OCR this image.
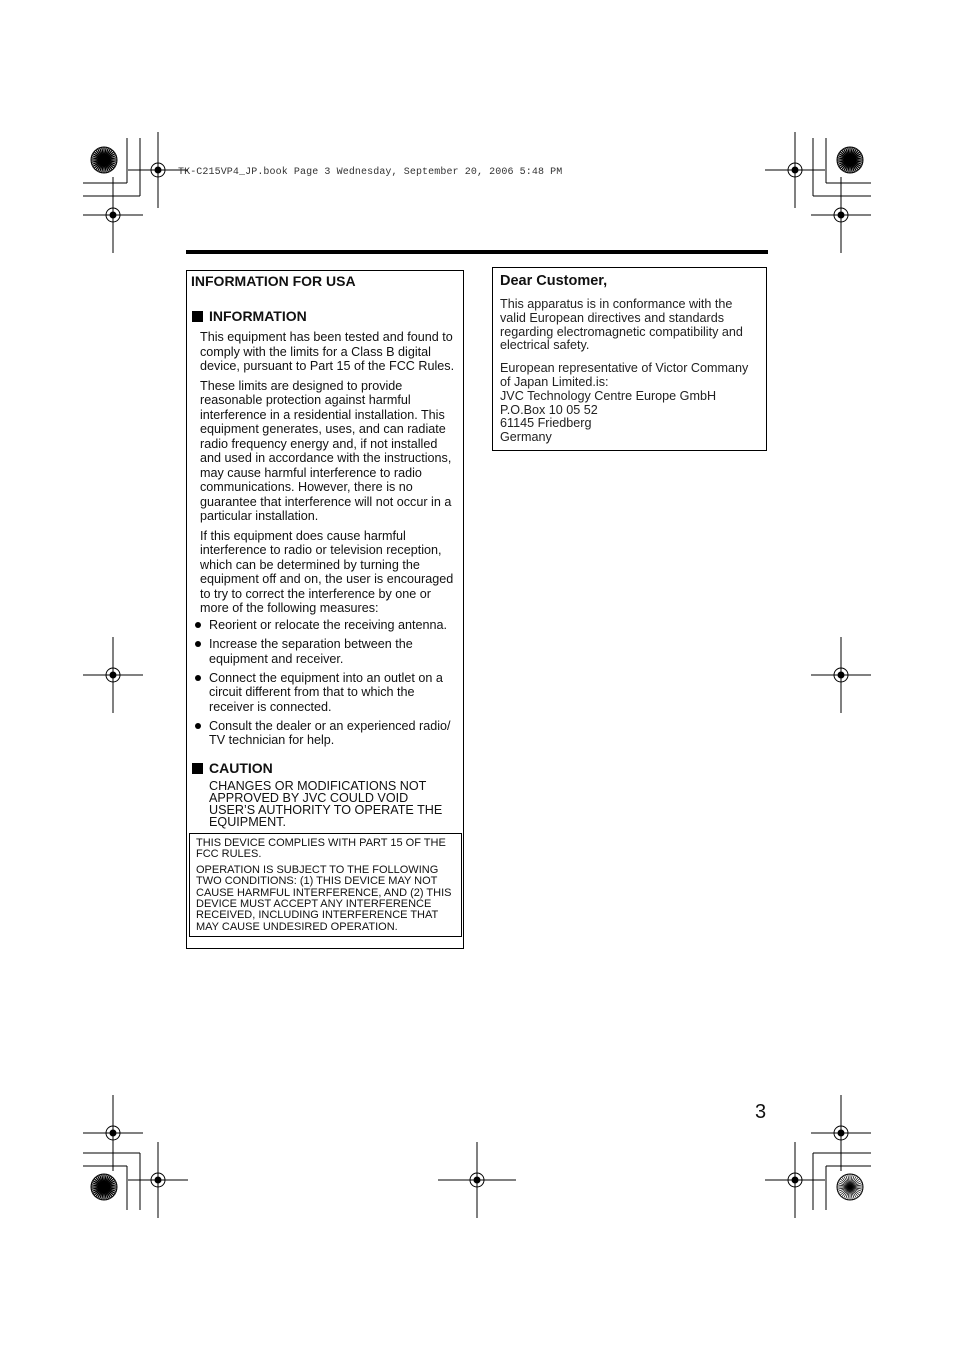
TK-C215VP4_JP.book Page 3 Wednesday, September 20, 2006 5:48 PM
INFORMATION FOR USA
INFORMATION
This equipment has been tested and found to
comply with the limits for a Class B digital
device, pursuant to Part 15 of the FCC Rules.
These limits are designed to provide
reasonable protection against harmful
interference in a residential installation. This
equipment generates, uses, and can radiate
radio frequency energy and, if not installed
and used in accordance with the instructions,
may cause harmful interference to radio
communications. However, there is no
guarantee that interference will not occur in a
particular installation.
If this equipment does cause harmful
interference to radio or television reception,
which can be determined by turning the
equipment off and on, the user is encouraged
to try to correct the interference by one or
more of the following measures:
Reorient or relocate the receiving antenna.
Increase the separation between the
equipment and receiver.
Connect the equipment into an outlet on a
circuit different from that to which the
receiver is connected.
Consult the dealer or an experienced radio/
TV technician for help.
CAUTION
CHANGES OR MODIFICATIONS NOT
APPROVED BY JVC COULD VOID
USER’S AUTHORITY TO OPERATE THE
EQUIPMENT.
THIS DEVICE COMPLIES WITH PART 15 OF THE
FCC RULES.
OPERATION IS SUBJECT TO THE FOLLOWING
TWO CONDITIONS: (1) THIS DEVICE MAY NOT
CAUSE HARMFUL INTERFERENCE, AND (2) THIS
DEVICE MUST ACCEPT ANY INTERFERENCE
RECEIVED, INCLUDING INTERFERENCE THAT
MAY CAUSE UNDESIRED OPERATION.
Dear Customer,
This apparatus is in conformance with the
valid European directives and standards
regarding electromagnetic compatibility and
electrical safety.
European representative of Victor Commany
of Japan Limited.is:
JVC Technology Centre Europe GmbH
P.O.Box 10 05 52
61145 Friedberg
Germany
3
